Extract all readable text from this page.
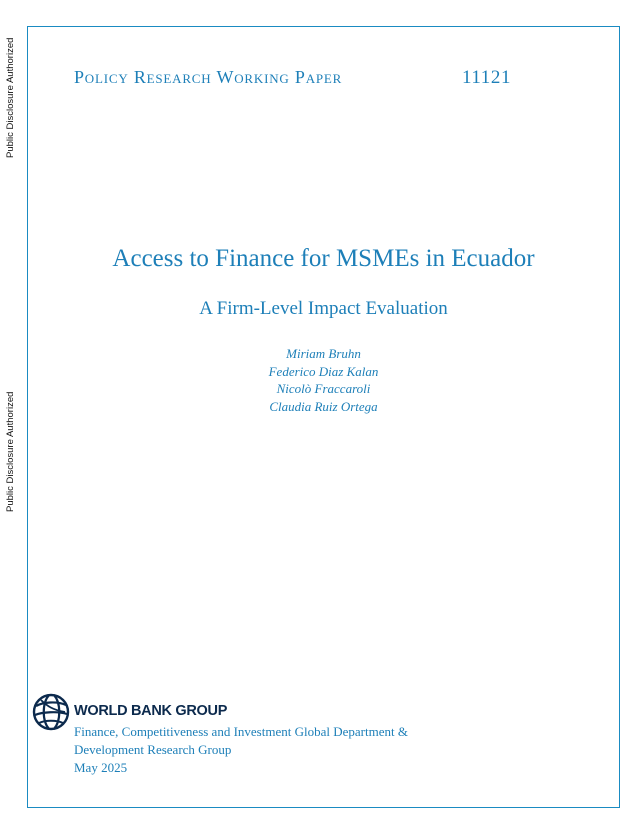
Public Disclosure Authorized
Public Disclosure Authorized
Policy Research Working Paper	11121
Access to Finance for MSMEs in Ecuador
A Firm-Level Impact Evaluation
Miriam Bruhn
Federico Diaz Kalan
Nicolò Fraccaroli
Claudia Ruiz Ortega
WORLD BANK GROUP
Finance, Competitiveness and Investment Global Department &
Development Research Group
May 2025
